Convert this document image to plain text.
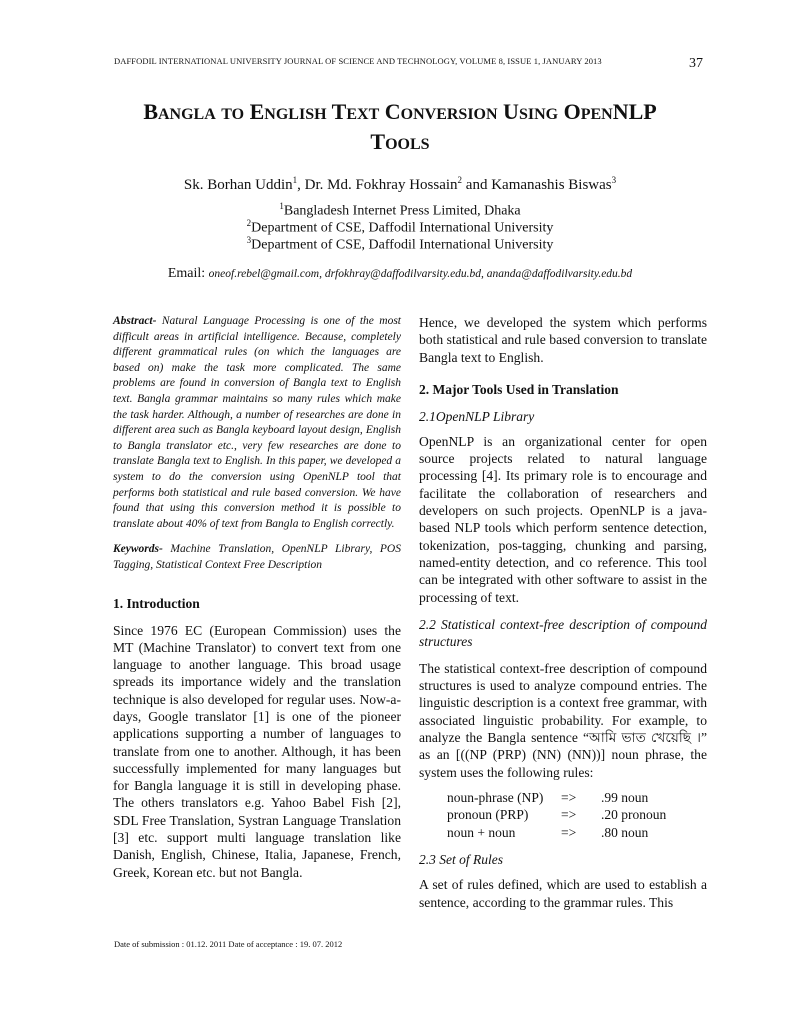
DAFFODIL INTERNATIONAL UNIVERSITY JOURNAL OF SCIENCE AND TECHNOLOGY, VOLUME 8, ISSUE 1, JANUARY 2013	37
BANGLA TO ENGLISH TEXT CONVERSION USING OPENNLP
TOOLS
Sk. Borhan Uddin$^1$, Dr. Md. Fokhray Hossain$^2$ and Kamanashis Biswas$^3$
$^1$Bangladesh Internet Press Limited, Dhaka
$^2$Department of CSE, Daffodil International University
$^3$Department of CSE, Daffodil International University
Email: oneof.rebel@gmail.com, drfokhray@daffodilvarsity.edu.bd, ananda@daffodilvarsity.edu.bd

Abstract- Natural Language Processing is one of the most difficult areas in artificial intelligence. Because, completely different grammatical rules (on which the languages are based on) make the task more complicated. The same problems are found in conversion of Bangla text to English text. Bangla grammar maintains so many rules which make the task harder. Although, a number of researches are done in different area such as Bangla keyboard layout design, English to Bangla translator etc., very few researches are done to translate Bangla text to English. In this paper, we developed a system to do the conversion using OpenNLP tool that performs both statistical and rule based conversion. We have found that using this conversion method it is possible to translate about 40% of text from Bangla to English correctly.

Keywords- Machine Translation, OpenNLP Library, POS Tagging, Statistical Context Free Description

1. Introduction

Since 1976 EC (European Commission) uses the MT (Machine Translator) to convert text from one language to another language. This broad usage spreads its importance widely and the translation technique is also developed for regular uses. Now-a-days, Google translator [1] is one of the pioneer applications supporting a number of languages to translate from one to another. Although, it has been successfully implemented for many languages but for Bangla language it is still in developing phase. The others translators e.g. Yahoo Babel Fish [2], SDL Free Translation, Systran Language Translation [3] etc. support multi language translation like Danish, English, Chinese, Italia, Japanese, French, Greek, Korean etc. but not Bangla.

Hence, we developed the system which performs both statistical and rule based conversion to translate Bangla text to English.

2. Major Tools Used in Translation

2.1OpenNLP Library

OpenNLP is an organizational center for open source projects related to natural language processing [4]. Its primary role is to encourage and facilitate the collaboration of researchers and developers on such projects. OpenNLP is a java-based NLP tools which perform sentence detection, tokenization, pos-tagging, chunking and parsing, named-entity detection, and co reference. This tool can be integrated with other software to assist in the processing of text.

2.2 Statistical context-free description of compound structures

The statistical context-free description of compound structures is used to analyze compound entries. The linguistic description is a context free grammar, with associated linguistic probability. For example, to analyze the Bangla sentence “আমি ভাত খেয়েছি ।” as an [((NP (PRP) (NN) (NN))] noun phrase, the system uses the following rules:

noun-phrase (NP)	=>	.99 noun
pronoun (PRP)	=>	.20 pronoun
noun + noun	=>	.80 noun

2.3 Set of Rules

A set of rules defined, which are used to establish a sentence, according to the grammar rules. This

Date of submission : 01.12. 2011 Date of acceptance : 19. 07. 2012
